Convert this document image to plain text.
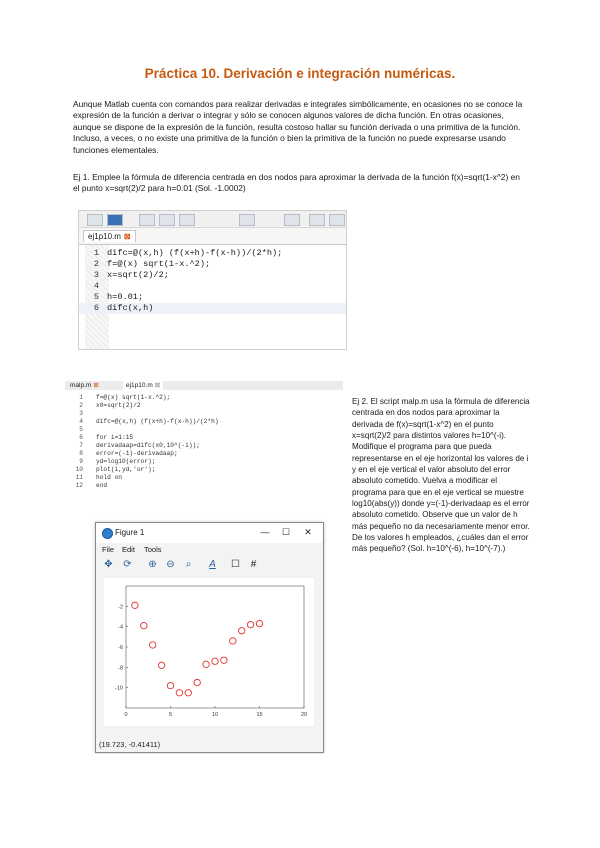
Práctica 10. Derivación e integración numéricas.

Aunque Matlab cuenta con comandos para realizar derivadas e integrales simbólicamente, en ocasiones no se conoce la expresión de la función a derivar o integrar y sólo se conocen algunos valores de dicha función. En otras ocasiones, aunque se dispone de la expresión de la función, resulta costoso hallar su función derivada o una primitiva de la función. Incluso, a veces, o no existe una primitiva de la función o bien la primitiva de la función no puede expresarse usando funciones elementales.

Ej 1. Emplee la fórmula de diferencia centrada en dos nodos para aproximar la derivada de la función f(x)=sqrt(1-x^2) en el punto x=sqrt(2)/2 para h=0.01 (Sol. -1.0002)

ej1p10.m ⊠
1 difc=@(x,h) (f(x+h)-f(x-h))/(2*h);
2 f=@(x) sqrt(1-x.^2);
3 x=sqrt(2)/2;
4
5 h=0.01;
6 difc(x,h)
malp.m ⊠	ej1p10.m ⊠
1 f=@(x) sqrt(1-x.^2);
2 x0=sqrt(2)/2
3
4 difc=@(x,h) (f(x+h)-f(x-h))/(2*h)
5
6 for i=1:15
7 derivadaap=difc(x0,10^(-i));
8 error=(-1)-derivadaap;
9 yd=log10(error);
10 plot(i,yd,'or');
11 hold on
12 end
Figure 1	—	☐	✕
File Edit Tools
✥ ⟳ ⊕ ⊖	⌕	A	☐	#
0	5	10	15	20
-2
-4
-6
-8
-10
(19.723, -0.41411)

Ej 2. El script malp.m usa la fórmula de diferencia centrada en dos nodos para aproximar la derivada de f(x)=sqrt(1-x^2) en el punto x=sqrt(2)/2 para distintos valores h=10^(-i). Modifique el programa para que pueda representarse en el eje horizontal los valores de i y en el eje vertical el valor absoluto del error absoluto cometido. Vuelva a modificar el programa para que en el eje vertical se muestre log10(abs(y)) donde y=(-1)-derivadaap es el error absoluto cometido. Observe que un valor de h más pequeño no da necesariamente menor error. De los valores h empleados, ¿cuáles dan el error más pequeño? (Sol. h=10^(-6), h=10^(-7).)
